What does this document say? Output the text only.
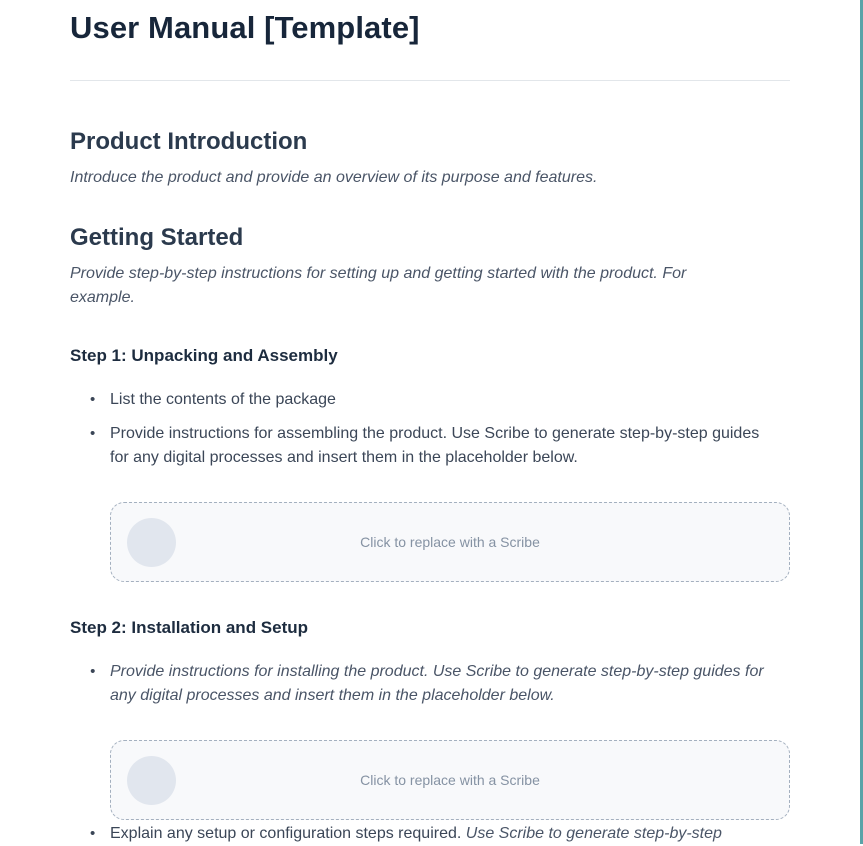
User Manual [Template]
Product Introduction

Introduce the product and provide an overview of its purpose and features.

Getting Started

Provide step-by-step instructions for setting up and getting started with the product. For example.

Step 1: Unpacking and Assembly
• List the contents of the package
• Provide instructions for assembling the product. Use Scribe to generate step-by-step guides for any digital processes and insert them in the placeholder below.
Click to replace with a Scribe
Step 2: Installation and Setup
• Provide instructions for installing the product. Use Scribe to generate step-by-step guides for any digital processes and insert them in the placeholder below.
Click to replace with a Scribe
• Explain any setup or configuration steps required. Use Scribe to generate step-by-step
